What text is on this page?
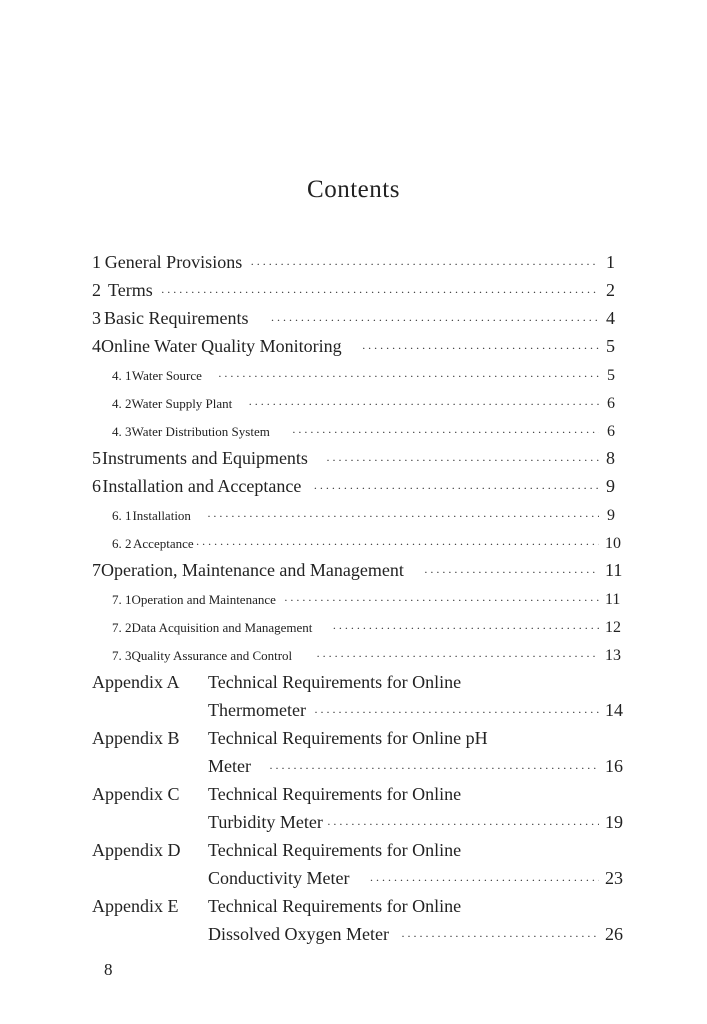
Contents
1 General Provisions ·····	1
2 Terms ·····	2
3 Basic Requirements ·····	4
4 Online Water Quality Monitoring ·····	5
4. 1 Water Source ·····	5
4. 2 Water Supply Plant ·····	6
4. 3 Water Distribution System ·····	6
5 Instruments and Equipments ·····	8
6 Installation and Acceptance ·····	9
6. 1 Installation ·····	9
6. 2 Acceptance ·····	10
7 Operation, Maintenance and Management ·····	11
7. 1 Operation and Maintenance ·····	11
7. 2 Data Acquisition and Management ·····	12
7. 3 Quality Assurance and Control ·····	13
Appendix A Technical Requirements for Online
Thermometer ·····	14
Appendix B Technical Requirements for Online pH
Meter ·····	16
Appendix C Technical Requirements for Online
Turbidity Meter ·····	19
Appendix D Technical Requirements for Online
Conductivity Meter ·····	23
Appendix E Technical Requirements for Online
Dissolved Oxygen Meter ·····	26
8
